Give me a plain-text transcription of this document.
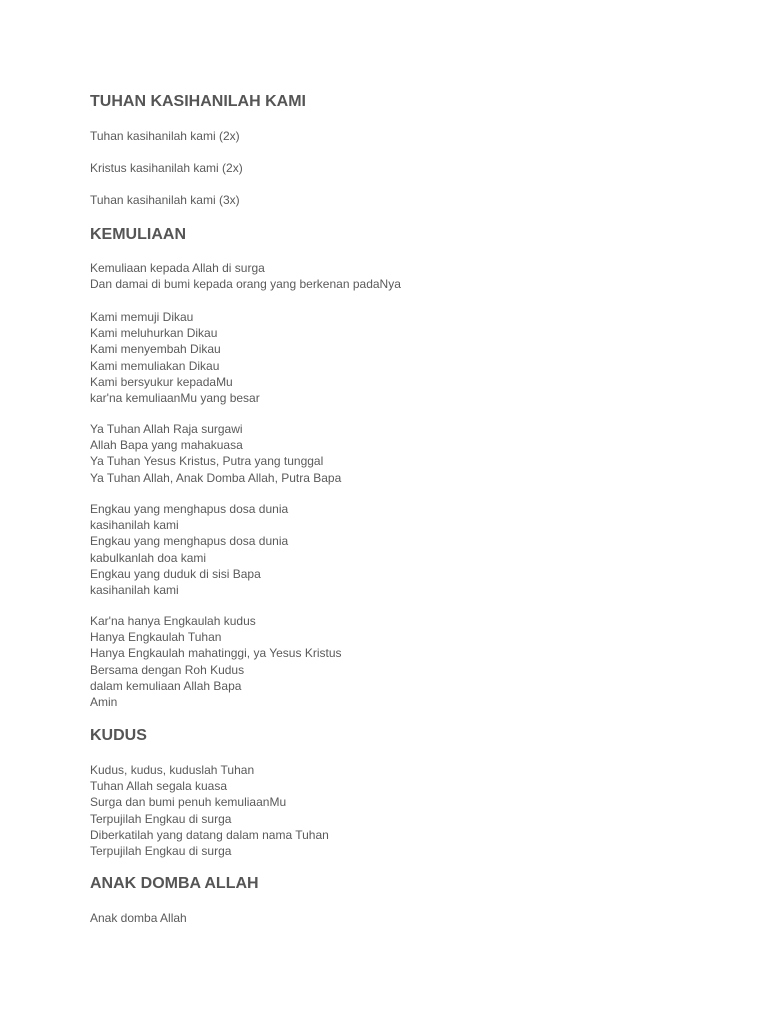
TUHAN KASIHANILAH KAMI
Tuhan kasihanilah kami (2x)
Kristus kasihanilah kami (2x)
Tuhan kasihanilah kami (3x)
KEMULIAAN
Kemuliaan kepada Allah di surga
Dan damai di bumi kepada orang yang berkenan padaNya
Kami memuji Dikau
Kami meluhurkan Dikau
Kami menyembah Dikau
Kami memuliakan Dikau
Kami bersyukur kepadaMu
kar'na kemuliaanMu yang besar
Ya Tuhan Allah Raja surgawi
Allah Bapa yang mahakuasa
Ya Tuhan Yesus Kristus, Putra yang tunggal
Ya Tuhan Allah, Anak Domba Allah, Putra Bapa
Engkau yang menghapus dosa dunia
kasihanilah kami
Engkau yang menghapus dosa dunia
kabulkanlah doa kami
Engkau yang duduk di sisi Bapa
kasihanilah kami
Kar'na hanya Engkaulah kudus
Hanya Engkaulah Tuhan
Hanya Engkaulah mahatinggi, ya Yesus Kristus
Bersama dengan Roh Kudus
dalam kemuliaan Allah Bapa
Amin
KUDUS
Kudus, kudus, kuduslah Tuhan
Tuhan Allah segala kuasa
Surga dan bumi penuh kemuliaanMu
Terpujilah Engkau di surga
Diberkatilah yang datang dalam nama Tuhan
Terpujilah Engkau di surga
ANAK DOMBA ALLAH
Anak domba Allah
